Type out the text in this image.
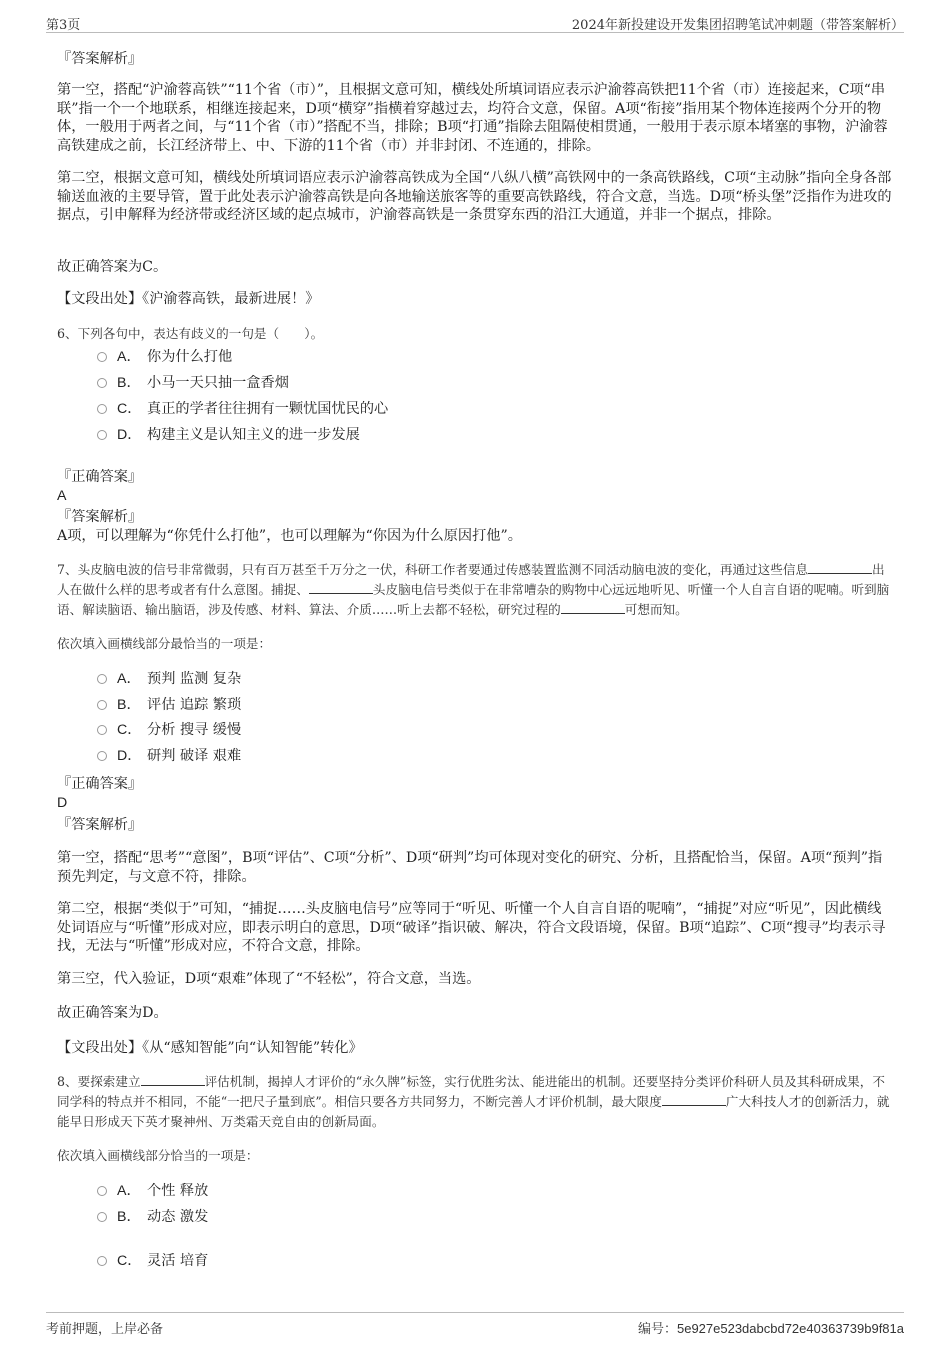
第3页	2024年新投建设开发集团招聘笔试冲刺题（带答案解析）
『答案解析』
第一空，搭配“沪渝蓉高铁”“11个省（市）”，且根据文意可知，横线处所填词语应表示沪渝蓉高铁把11个省（市）连接起来，C项“串联”指一个一个地联系，相继连接起来，D项“横穿”指横着穿越过去，均符合文意，保留。A项“衔接”指用某个物体连接两个分开的物体，一般用于两者之间，与“11个省（市）”搭配不当，排除；B项“打通”指除去阻隔使相贯通，一般用于表示原本堵塞的事物，沪渝蓉高铁建成之前，长江经济带上、中、下游的11个省（市）并非封闭、不连通的，排除。
第二空，根据文意可知，横线处所填词语应表示沪渝蓉高铁成为全国“八纵八横”高铁网中的一条高铁路线，C项“主动脉”指向全身各部输送血液的主要导管，置于此处表示沪渝蓉高铁是向各地输送旅客等的重要高铁路线，符合文意，当选。D项“桥头堡”泛指作为进攻的据点，引申解释为经济带或经济区域的起点城市，沪渝蓉高铁是一条贯穿东西的沿江大通道，并非一个据点，排除。
故正确答案为C。
【文段出处】《沪渝蓉高铁，最新进展！》
6、下列各句中，表达有歧义的一句是（　　）。
A． 你为什么打他
B． 小马一天只抽一盒香烟
C． 真正的学者往往拥有一颗忧国忧民的心
D． 构建主义是认知主义的进一步发展
『正确答案』
A
『答案解析』
A项，可以理解为“你凭什么打他”，也可以理解为“你因为什么原因打他”。
7、头皮脑电波的信号非常微弱，只有百万甚至千万分之一伏，科研工作者要通过传感装置监测不同活动脑电波的变化，再通过这些信息	出人在做什么样的思考或者有什么意图。捕捉、	头皮脑电信号类似于在非常嘈杂的购物中心远远地听见、听懂一个人自言自语的呢喃。听到脑语、解读脑语、输出脑语，涉及传感、材料、算法、介质……听上去都不轻松，研究过程的	可想而知。
依次填入画横线部分最恰当的一项是：
A． 预判 监测 复杂
B． 评估 追踪 繁琐
C． 分析 搜寻 缓慢
D． 研判 破译 艰难
『正确答案』
D
『答案解析』
第一空，搭配“思考”“意图”，B项“评估”、C项“分析”、D项“研判”均可体现对变化的研究、分析，且搭配恰当，保留。A项“预判”指预先判定，与文意不符，排除。
第二空，根据“类似于”可知，“捕捉……头皮脑电信号”应等同于“听见、听懂一个人自言自语的呢喃”，“捕捉”对应“听见”，因此横线处词语应与“听懂”形成对应，即表示明白的意思，D项“破译”指识破、解决，符合文段语境，保留。B项“追踪”、C项“搜寻”均表示寻找，无法与“听懂”形成对应，不符合文意，排除。
第三空，代入验证，D项“艰难”体现了“不轻松”，符合文意，当选。
故正确答案为D。
【文段出处】《从“感知智能”向“认知智能”转化》
8、要探索建立	评估机制，揭掉人才评价的“永久牌”标签，实行优胜劣汰、能进能出的机制。还要坚持分类评价科研人员及其科研成果，不同学科的特点并不相同，不能“一把尺子量到底”。相信只要各方共同努力，不断完善人才评价机制，最大限度	广大科技人才的创新活力，就能早日形成天下英才聚神州、万类霜天竞自由的创新局面。
依次填入画横线部分恰当的一项是：
A． 个性 释放
B． 动态 激发
C． 灵活 培育
考前押题，上岸必备	编号：5e927e523dabcbd72e40363739b9f81a
